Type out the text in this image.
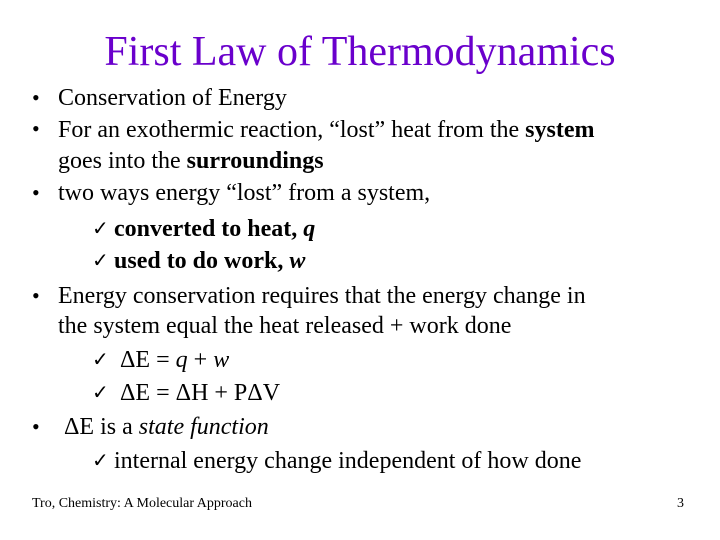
First Law of Thermodynamics
• Conservation of Energy
• For an exothermic reaction, “lost” heat from the system
goes into the surroundings
• two ways energy “lost” from a system,
✓ converted to heat, q
✓ used to do work, w
• Energy conservation requires that the energy change in
the system equal the heat released + work done
✓ ΔE = q + w
✓ ΔE = ΔH + PΔV
• ΔE is a state function
✓ internal energy change independent of how done
Tro, Chemistry: A Molecular Approach	3
